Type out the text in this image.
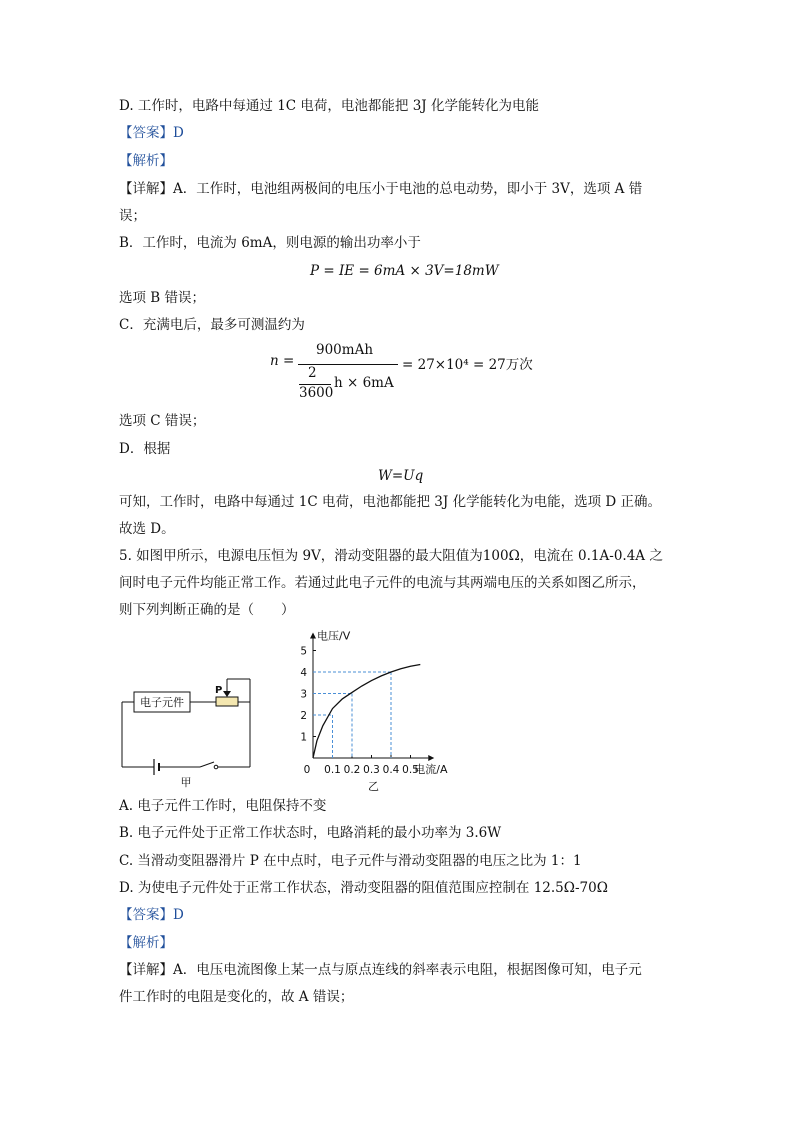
D. 工作时，电路中每通过 1C 电荷，电池都能把 3J 化学能转化为电能
【答案】D
【解析】
【详解】A．工作时，电池组两极间的电压小于电池的总电动势，即小于 3V，选项 A 错
误；
B．工作时，电流为 6mA，则电源的输出功率小于
P = IE = 6mA × 3V=18mW
选项 B 错误；
C．充满电后，最多可测温约为
n =
900mAh
2
3600
h × 6mA
= 27×10⁴ = 27万次
选项 C 错误；
D．根据
W=Uq
可知，工作时，电路中每通过 1C 电荷，电池都能把 3J 化学能转化为电能，选项 D 正确。
故选 D。
5. 如图甲所示，电源电压恒为 9V，滑动变阻器的最大阻值为100Ω，电流在 0.1A-0.4A 之
间时电子元件均能正常工作。若通过此电子元件的电流与其两端电压的关系如图乙所示，
则下列判断正确的是（　　）
电子元件
P
甲
电压/V
电流/A
0 0.1 0.2 0.3 0.4 0.5
1
2
3
4
5
乙
A. 电子元件工作时，电阻保持不变
B. 电子元件处于正常工作状态时，电路消耗的最小功率为 3.6W
C. 当滑动变阻器滑片 P 在中点时，电子元件与滑动变阻器的电压之比为 1：1
D. 为使电子元件处于正常工作状态，滑动变阻器的阻值范围应控制在 12.5Ω-70Ω
【答案】D
【解析】
【详解】A．电压电流图像上某一点与原点连线的斜率表示电阻，根据图像可知，电子元
件工作时的电阻是变化的，故 A 错误；
